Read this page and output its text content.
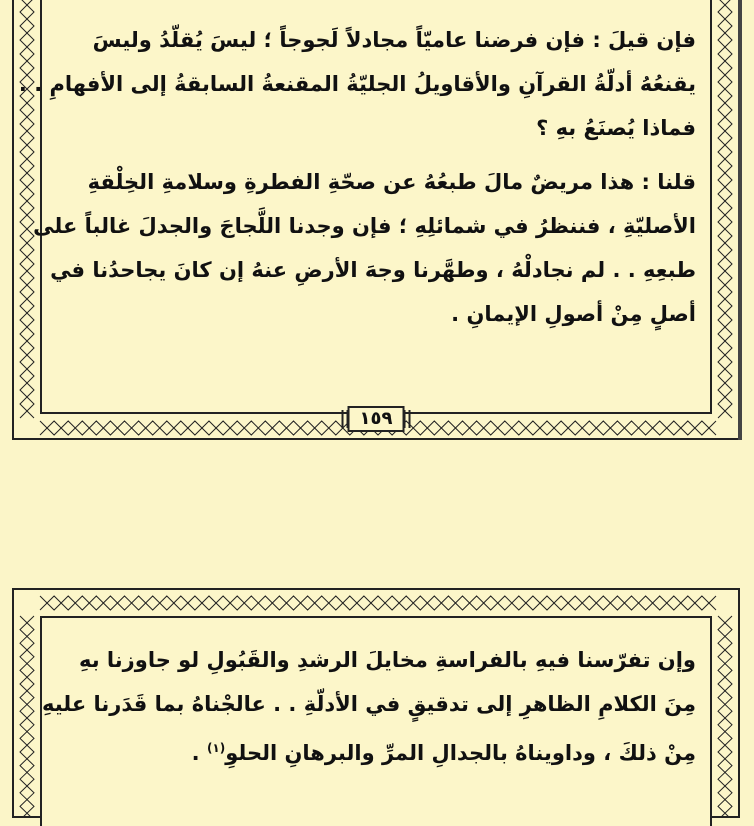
فإن قيلَ : فإن فرضنا عاميّاً مجادلاً لَجوجاً ؛ ليسَ يُقلّدُ وليسَ
يقنعُهُ أدلّةُ القرآنِ والأقاويلُ الجليّةُ المقنعةُ السابقةُ إلى الأفهامِ . .
فماذا يُصنَعُ بهِ ؟

قلنا : هذا مريضٌ مالَ طبعُهُ عن صحّةِ الفطرةِ وسلامةِ الخِلْقةِ
الأصليّةِ ، فننظرُ في شمائلِهِ ؛ فإن وجدنا اللَّجاجَ والجدلَ غالباً على
طبعِهِ . . لم نجادلْهُ ، وطهَّرنا وجهَ الأرضِ عنهُ إن كانَ يجاحدُنا في
أصلٍ مِنْ أصولِ الإيمانِ .

١٥٩

وإن تفرّسنا فيهِ بالفراسةِ مخايلَ الرشدِ والقَبُولِ لو جاوزنا بهِ
مِنَ الكلامِ الظاهرِ إلى تدقيقٍ في الأدلّةِ . . عالجْناهُ بما قَدَرنا عليهِ
مِنْ ذلكَ ، وداويناهُ بالجدالِ المرِّ والبرهانِ الحلوِ$^{(١)}$ .
